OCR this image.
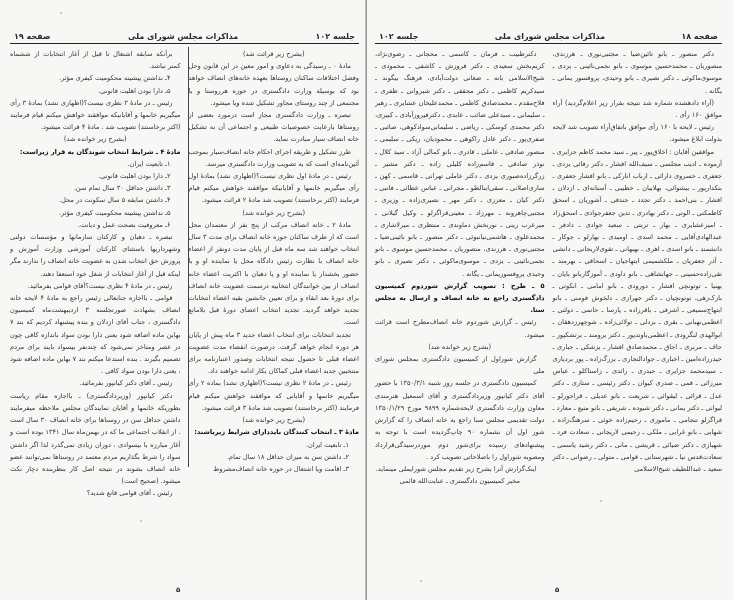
جلسه ۱۰۲
مذاکرات مجلس شورای ملی
صفحه ۱۹

(بشرح زیر قرائت شد)

مادهٔ ۰ ـ رسیدگی به دعاوی و امور معین در این قانون وحل وفصل اختلافات ساکنان روستاها بعهده خانه‌های انصاف خواهد بود که بوسیله وزارت دادگستری در حوزه هرروستا و یا مجتمعی از چند روستای مجاور تشکیل شده ویا میشود.

تبصره ـ وزارت دادگستری مجاز است درمورد بعضی از روستاها بارعایت خصوصیات طبیعی و اجتماعی آن به تشکیل خانه انصاف سیار مبادرت نماید.

طرز تشکیل و طریقه اجرای احکام خانه انصاف‌سیار بموجب آئین‌نامه‌ای است که به تصویب وزارت دادگستری میرسد.

رئیس ـ در مادهٔ اول نظری نیست؟(اظهاری نشد) بمادهٔ اول رأی میگیریم خانمها و آقایانیکه موافقند خواهش میکنم قیام فرمایند (اکثر برخاستند) تصویب شد مادهٔ ۲ قرائت میشود.

(بشرح زیر خوانده شد)

مادهٔ ۲ ـ خانه انصاف مرکب از پنج نفر از معتمدان محل است که از طرف ساکنان حوزه خانه انصاف برای مدت ۳ سال انتخاب خواهند شد سه ماه قبل از پایان مدت دونفر از اعضاء خانه انصاف با نظارت رئیس دادگاه محل یا نماینده او و با حضور بخشدار یا نماینده او و یا دهبان با اکثریت اعضاء خانه انصاف از بین خوانندگان انتخابیه درسمت عضویت خانه انصاف برای دورهٔ بعد ابقاء و برای تعیین جانشین بقیه اعضاء انتخابات تجدید خواهد گردید. تجدید انتخاب اعضای دورهٔ قبل بلامانع است.

تجدید انتخابات برای انتخاب اعضاء جدید ۳ ماه پیش از پایان هر دوره انجام خواهد گرفت. درصورت انقضاء مدت عضویت اعضاء قبلی تا حصول نتیجه انتخابات وصدور اعتبارنامه برای منتخبین جدید اعضاء قبلی کماکان بکار ادامه خواهند داد.

رئیس ـ در مادهٔ ۲ نظری نیست؟(اظهاری نشد) بماده ۲ رأی میگیریم خانمها و آقایانی که موافقند خواهش میکنم قیام فرمایند (اکثر برخاستند) تصویب شد مادهٔ ۳ قرائت میشود.

(بشرح زیر خوانده شد)

مادهٔ ۳ ـ انتخاب کنندگان بایددارای شرایط زیرباشند:

۱ـ تابعیت ایران.

۲ـ داشتن سن به میزان حداقل ۱۸ سال تمام.

۳ـ اقامت ویا اشتغال در حوزه خانه انصاف‌مشروط

برآنکه سابقه اشتغال تا قبل از آغاز انتخابات از ششماه کمتر نباشد.

۴ـ نداشتن پیشینه محکومیت کیفری مؤثر.

۵ـ دارا بودن اهلیت قانونی.

رئیس ـ در مادهٔ ۳ نظری نیست؟(اظهاری نشد) بمادهٔ ۳ رأی میگیریم خانمها و آقایانیکه موافقند خواهش میکنم قیام فرمایند (اکثر برخاستند) تصویب شد . مادهٔ ۴ قرائت میشود.

(بشرح زیر خوانده شد)

مادهٔ ۴ ـ شرایط انتخاب شوندگان به قرار زیراست:

۱ـ تابعیت ایران.

۲ـ دارا بودن اهلیت قانونی.

۳ـ داشتن حداقل ۳۰ سال تمام سن.

۴ـ داشتن سابقه ۵ سال سکونت در محل.

۵ـ نداشتن پیشینه محکومیت کیفری مؤثر.

۶ـ معروفیت بصحت عمل و دیانت.

تبصره ـ دهبان و کارکنان سازمانها و مؤسسات دولتی وشهرداریها باستثنای کارکنان آموزشی وزارت آموزش و پرورش حق انتخاب شدن به عضویت خانه انصاف را ندارند مگر اینکه قبل از آغاز انتخابات از شغل خود استعفا دهند.

رئیس ـ در مادهٔ ۴ نظری نیست؟آقای قوامی بفرمائید.

قوامی ـ بااجازه جنابعالی رئیس راجع به مادهٔ ۴ لایحه خانه انصاف بشهادت صورتجلسه ۳ اردیبهشت‌ماه کمیسیون دادگستری ، جناب آقای ازدلان و بنده پیشنهاد کردیم که بند ۷ بهاین ماده اضافه شود یعنی دارا بودن سواد باندازه کافی چون در عصر ومتاخر نمی‌شود که چندنفر بیسواد بایند برای مردم تصمیم بگیرند . بنده استدعا میکنم بند ۷ بهاین ماده اضافه شود ، یعنی دارا بودن سواد کافی .

رئیس ـ آقای دکتر کیانپور بفرمائید.

دکتر کیانپور (وزیردادگستری) ـ بااجازه مقام ریاست بطوریکه خانمها و آقایان نمایندگان مجلس ملاحظه میفرمایند داشتن حداقل سن در روستاها برای خانه انصاف ۳۰ سال است . از انقلاب اجتماعی ما که در بهمن‌ماه سال ۱۳۴۱ بوده است و آغاز مبارزه با بیسوادی ، دوران زیادی نمی‌گذرد لذا اگر داشتن سواد را شرط بگذاریم مردم معتمد در روستاها نمی‌توانند عضو خانه انصاف بشوند در نتیجه اصل کار بنظربنده دچار نکث میشود. (صحیح است)

رئیس ـ آقای قوامی قانع شدید؟

۵
صفحه ۱۸
مذاکرات مجلس شورای ملی
جلسه ۱۰۲

دکتر منصور ـ بانو تائین‌ضیا ـ مجتبی‌نوری ـ هرزندی، منصوریان ـ محمدحسین موسوی ـ بانو نجمی‌نائینی ـ یزدی ـ موسوی‌ماکوئی ـ دکتر نصیری ـ بانو وحیدی، پروفسور یمانی ـ یگانه .

(آراء دادهشده شماره شد نتیجه بقرار زیر اعلام‌گردید) آراء موافق ۱۶۰ رأی .

رئیس ـ لایحه با ۱۶۰ رأی موافق باتفاق‌آراء تصویب شد لایحه بدولت ابلاغ میشود.

موافقین آقایان : اخلاق‌پور ـ پیر ـ سید محمد کاظم جزایری ـ آزموده ـ ادیب مجلسی ـ سیف‌الله افشار ـ دکتر رفائی یزدی ـ جعفری ـ خسروی‌ دارائی ـ ارباب انارکی ـ بانو افشار جعفری ـ بنکدارپور ـ بیشوائی، بهلابیان ـ خطیبی ـ آستانه‌ای ـ ازدلان ـ افشار ـ بنی‌احمد ـ دکتر تجدد ـ جندقی ـ آشوریان ـ اسحق کاظمکتی ـ الوتی ـ دکتر بهادری ـ تدین جعفرجوادی ـ اسحق‌زاد ـ امیرعشایری ـ بهار ـ تربتی ـ سعید جوادی ـ دادفر ـ عبدالهادی‌آقایی ـ محمد اسدی ـ اومیدی ـ بهارلو ـ جوکار ـ دانشمند ـ بانو اسدی ـ اهری ـ بهبهانی ـ تقوی‌لاریجانی ـ دانشی ـ آذر جعفریان ـ ملکشمیمی ابتهاجیان ـ اسحاقی ـ بهرمند ـ تقی‌زاده‌حسینی ـ جهانشاهی ـ بانو داودی ـ آموزگار‌بانو بایان ـ بهنیا ـ توتونچی افشار ـ دورودی ـ بانو امامی ـ انکوتی ـ بارک‌زهی، توتونچیان ـ دکتر جهرازی ـ دلخوش فومنی ـ بانو ابتهاج‌سمیعی ـ اشرفی ـ باقرزاده ـ پارسا ـ حاتمی ـ دولتی ـ اعظمی‌نهبانی ـ بقری ـ بردلی ـ تولائی‌زاده ـ شوچهرزدهقان ـ ابوالهدی لنگرودی ـ اعظمی‌باوندپور ـ دکتر برومند ـ برتشکپور ـ جاف ـ مربری ـ اجاق ـ محمدصادق افشار ـ بزشکی ـ جباری ـ حیدرزاده‌امین ـ اخباری ـ جوادالنجاری ـ بزرگ‌زاده ـ پور بردیاری ـ سیدمحمد جزایری ـ حیدری ـ رائدی ـ زاستاکلو ـ عباس میرزائی ـ قمی ـ صدری کیوان ـ دکتر رئیسی ـ ستاری ـ دکتر عدل ـ قرائی ـ لیقوائی ـ شریعت ـ بانو عدیلی ـ قراجورلو ـ لیوانی ـ دکتر یمانی ـ دکتر شیوده ـ شریفی ـ بانو منیع ـ معارد ـ قراگزلو تنجامی ـ ماموزی ـ رحیم‌زاده خوئی ـ سرهنگ‌زاده ـ شهابی ـ بانو غرابی ـ ملکی ـ رحیمی لاریجانی ـ سعادت فرد ـ شهبازی ـ دکتر ضیائی ـ قریشی ـ مانی ـ دکتر رشید یاسمی ـ سعادت‌قدس نیا ـ شهرستانی ـ قوامی ـ متولی ـ رضوانی ـ دکتر سعید ـ عبداللطیف شیخ‌الاسلامی

دکترطبیب ـ فرمان ـ کاسمی ـ محجانی ـ رضوی‌نژاد، کریم‌بخش سعیدی ـ دکتر فروزش ـ کاشفی ـ محمودی ـ شیخ‌الاسلامی بانه ـ ضغانی دولت‌آبادی، فرهنگ بیگوند ـ سیدکریم کاظمی ـ دکتر محققی ـ دکتر شیروانی ـ ظفری ـ فلاح‌مقدم ـ محمدصادق کاظمی ـ محمدعلیخان عشایری ـ رهبر ـ سلیمانی ـ سیدعلی صائب ـ عابدی ـ دکترفیروزآبادی ـ کبیری، دکتر محمدی کوسکی ـ ریاضی ـ سلیمانی‌سوادکوهی، صائبی ـ صفری‌پور ـ دکتر عادل راکوهی ـ محمود‌یان، ریکی ـ سلیمی ـ منصور صادقی ـ عاملی ـ قادری ـ بانو کمالی آزاد ـ سید کلال ـ نوذر صادقی ـ قاسم‌زاده کلیلی زاده ـ دکتر مشیر ـ زرگرزاده‌صبوری یزدی ـ دکتر عاملی تهرانی ـ قاسمی ـ کهن ـ ساری‌اصلانی ـ سقی‌ابنالطو ـ مجرانی ـ عباس عطائی ـ فاتبی ـ دکتر کیان ـ معززی ـ دکتر مهر ـ نصیری‌زاده ـ وزیری ـ مجتبی‌چاهرونه ـ مهرزاد ـ معینی‌قراگزلو ـ وکیل گیلانی ـ میرعرب زینی ـ نوربخش دماوندی ـ منتظری ـ میرلاشاری ـ محمدعلوی ـ هاشمی‌نیانبوئی ـ دکتر منصور ـ بانو نائینی‌ضیا ـ مجتبی‌نوری ـ هرزندی، منصوریان ـ محمدحسین موسوی ـ بانو نجمی‌نائینی ـ یزدی ـ موسوی‌ماکوئی ـ دکتر نصیری ـ بانو وحیدی پروفسوریمانی ـ یگانه .

۵ ـ طرح : تصویب گزارش شوردوم کمیسیون دادگستری راجع به خانه انصاف و ارسال به مجلس سنا.

رئیس ـ گزارش شوردوم خانه انصاف‌مطرح است قرائت میشود.

(بشرح زیر خوانده شد)

گزارش شوراول از کمیسیون دادگستری بمجلس شورای ملی

کمیسیون دادگستری در جلسه روز شنبه ۱۳۵۰/۳/۱ با حضور آقای دکتر کیانپور وزیردادگستری و آقای اسمعیل هنرمندی معاون وزارت دادگستری لایحه‌شماره ۹۸۹۹ مورخ ۱۳۵۰/۱/۲۹ دولت تقدیمی مجلس سنا راجع به خانه انصاف را که گزارش شور اول آن بشماره ۹۰ چاپ‌گردیده است با توجه به پیشنهادهای رسیده برای‌شور دوم موردرسیدگی‌قرارداد ومصوبه شوراول را باصلاحاتی تصویب کرد .

اینک‌گزارش آنرا بشرح زیر تقدیم مجلس شورایملی مینماید.

مخبر کمیسیون دادگستری ـ عنایت‌الله قائمی

۵
